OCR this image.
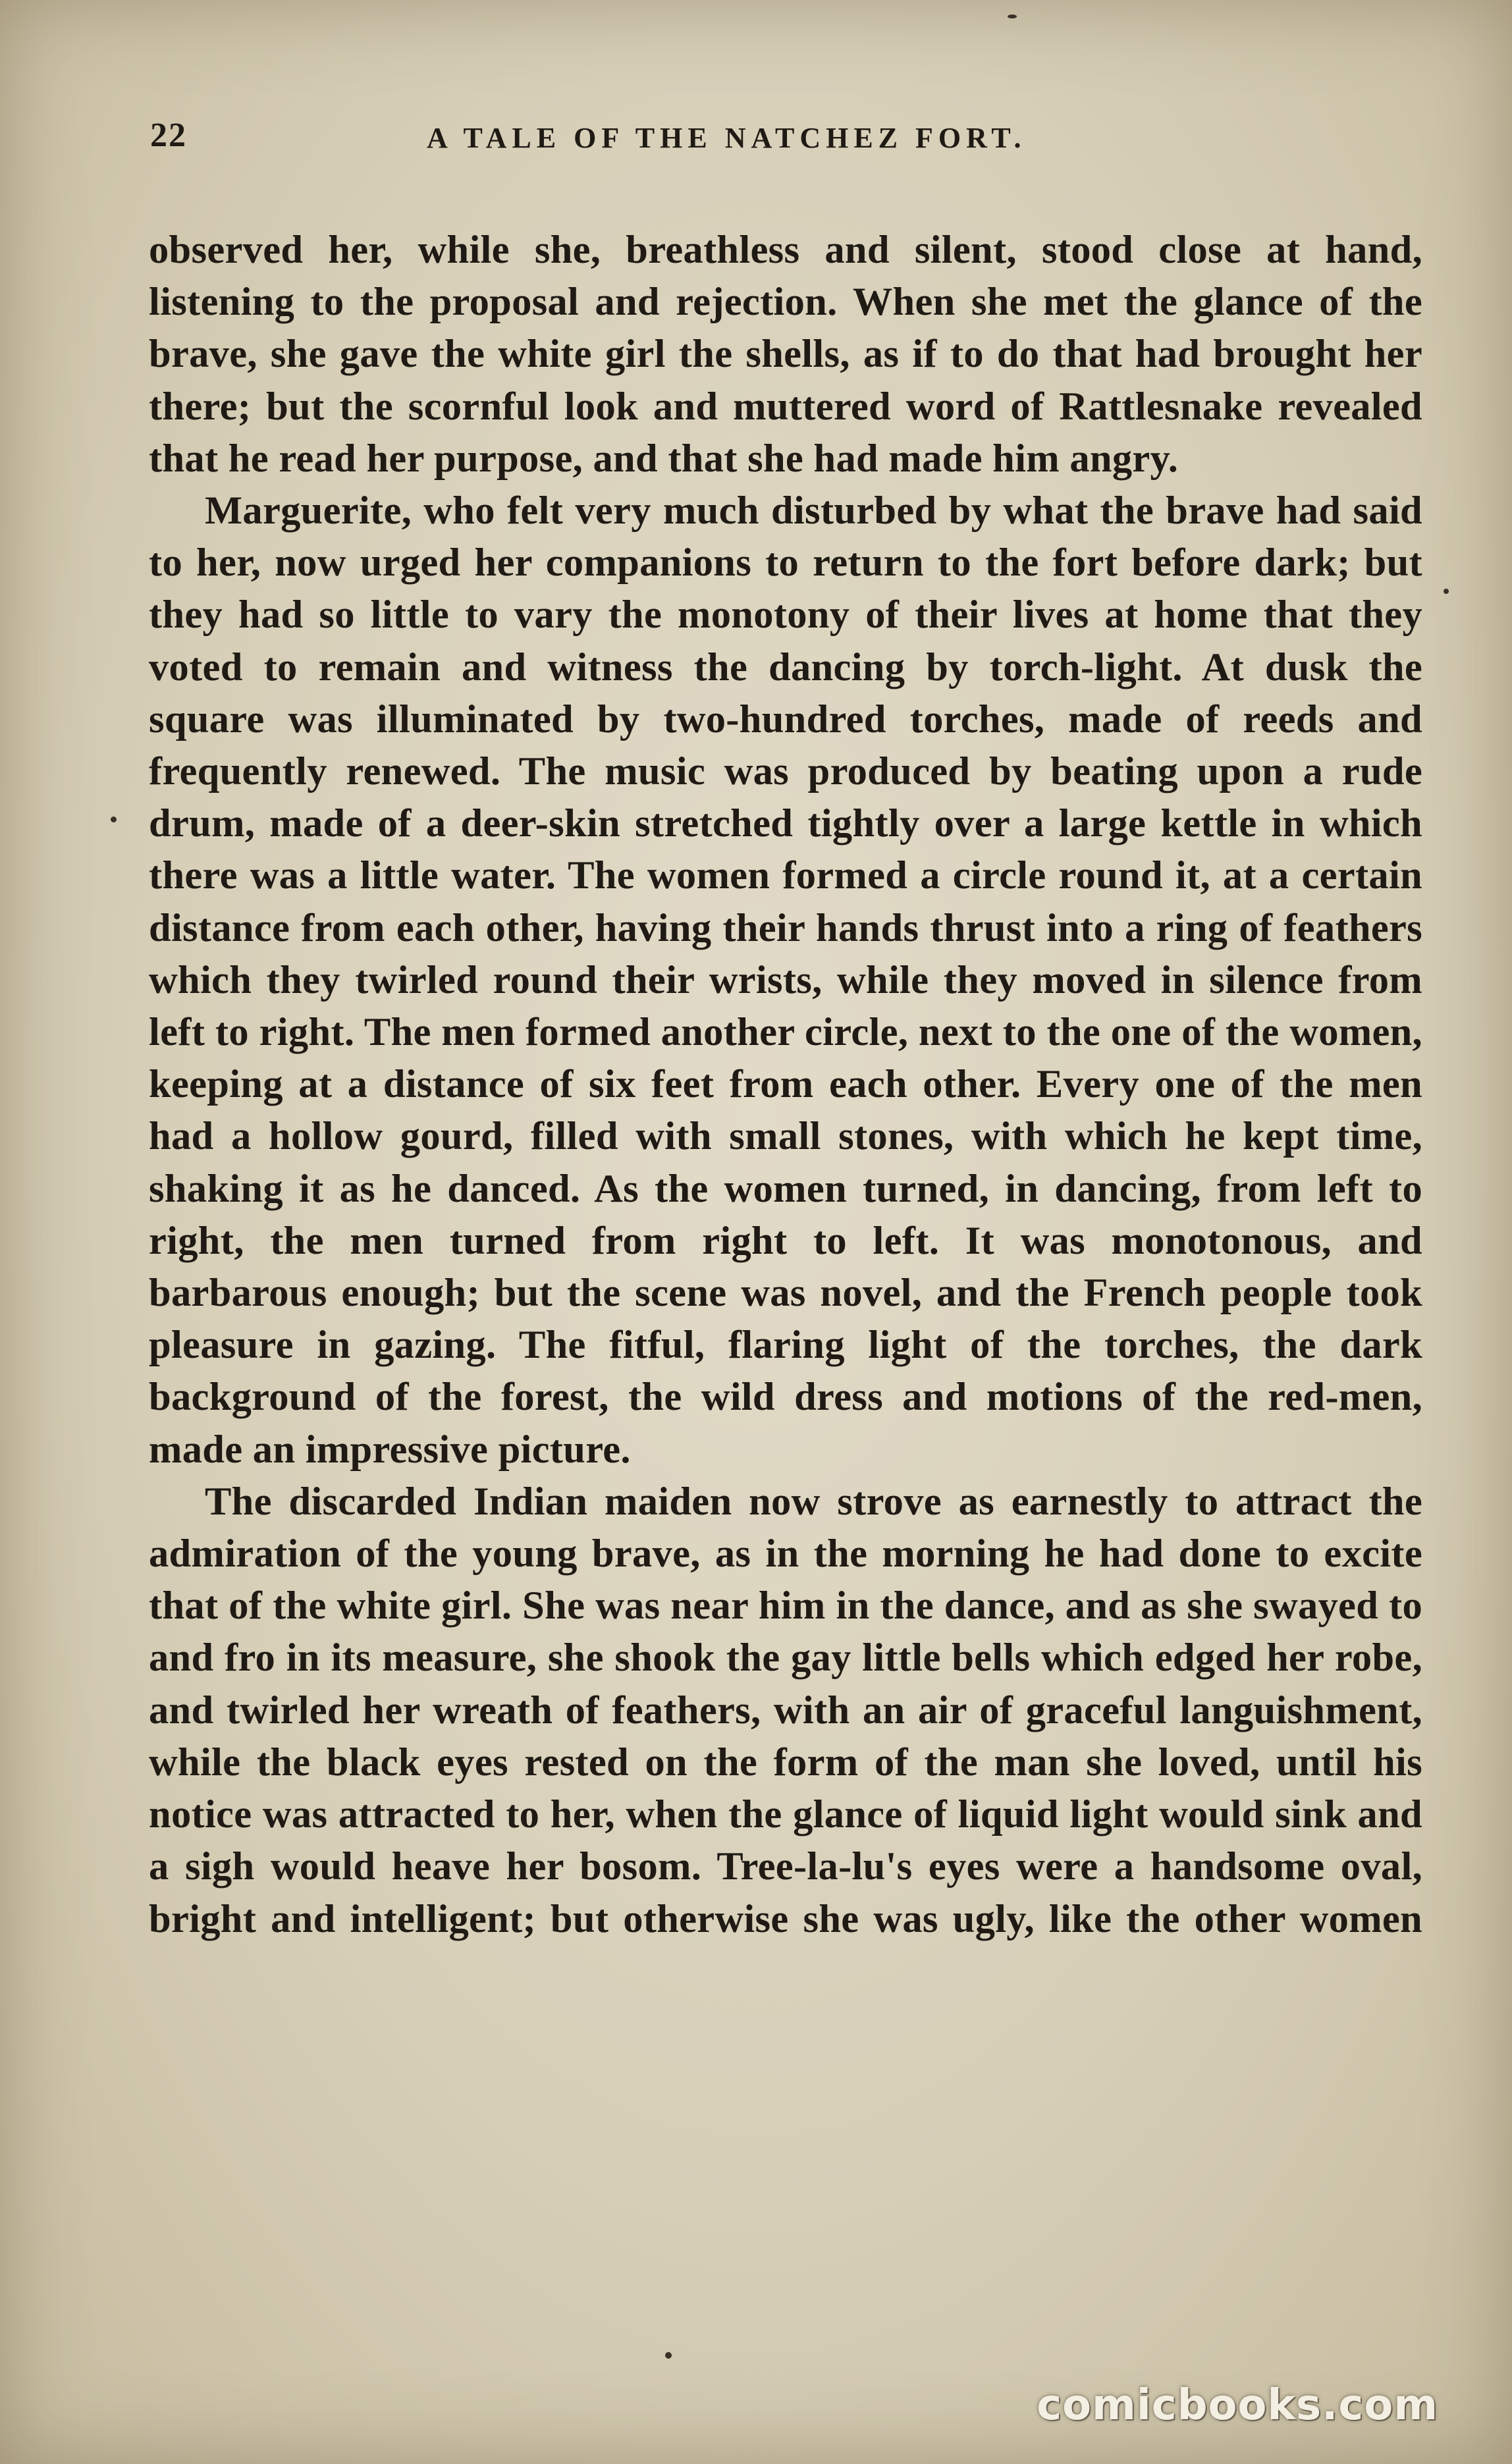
22	A TALE OF THE NATCHEZ FORT.

observed her, while she, breathless and silent, stood close at hand, listening to the proposal and rejection. When she met the glance of the brave, she gave the white girl the shells, as if to do that had brought her there; but the scornful look and muttered word of Rattlesnake revealed that he read her purpose, and that she had made him angry.

Marguerite, who felt very much disturbed by what the brave had said to her, now urged her companions to return to the fort before dark; but they had so little to vary the monotony of their lives at home that they voted to remain and witness the dancing by torch-light. At dusk the square was illuminated by two-hundred torches, made of reeds and frequently renewed. The music was produced by beating upon a rude drum, made of a deer-skin stretched tightly over a large kettle in which there was a little water. The women formed a circle round it, at a certain distance from each other, having their hands thrust into a ring of feathers which they twirled round their wrists, while they moved in silence from left to right. The men formed another circle, next to the one of the women, keeping at a distance of six feet from each other. Every one of the men had a hollow gourd, filled with small stones, with which he kept time, shaking it as he danced. As the women turned, in dancing, from left to right, the men turned from right to left. It was monotonous, and barbarous enough; but the scene was novel, and the French people took pleasure in gazing. The fitful, flaring light of the torches, the dark background of the forest, the wild dress and motions of the red-men, made an impressive picture.

The discarded Indian maiden now strove as earnestly to attract the admiration of the young brave, as in the morning he had done to excite that of the white girl. She was near him in the dance, and as she swayed to and fro in its measure, she shook the gay little bells which edged her robe, and twirled her wreath of feathers, with an air of graceful languishment, while the black eyes rested on the form of the man she loved, until his notice was attracted to her, when the glance of liquid light would sink and a sigh would heave her bosom. Tree-la-lu's eyes were a handsome oval, bright and intelligent; but otherwise she was ugly, like the other women

comicbooks.com
